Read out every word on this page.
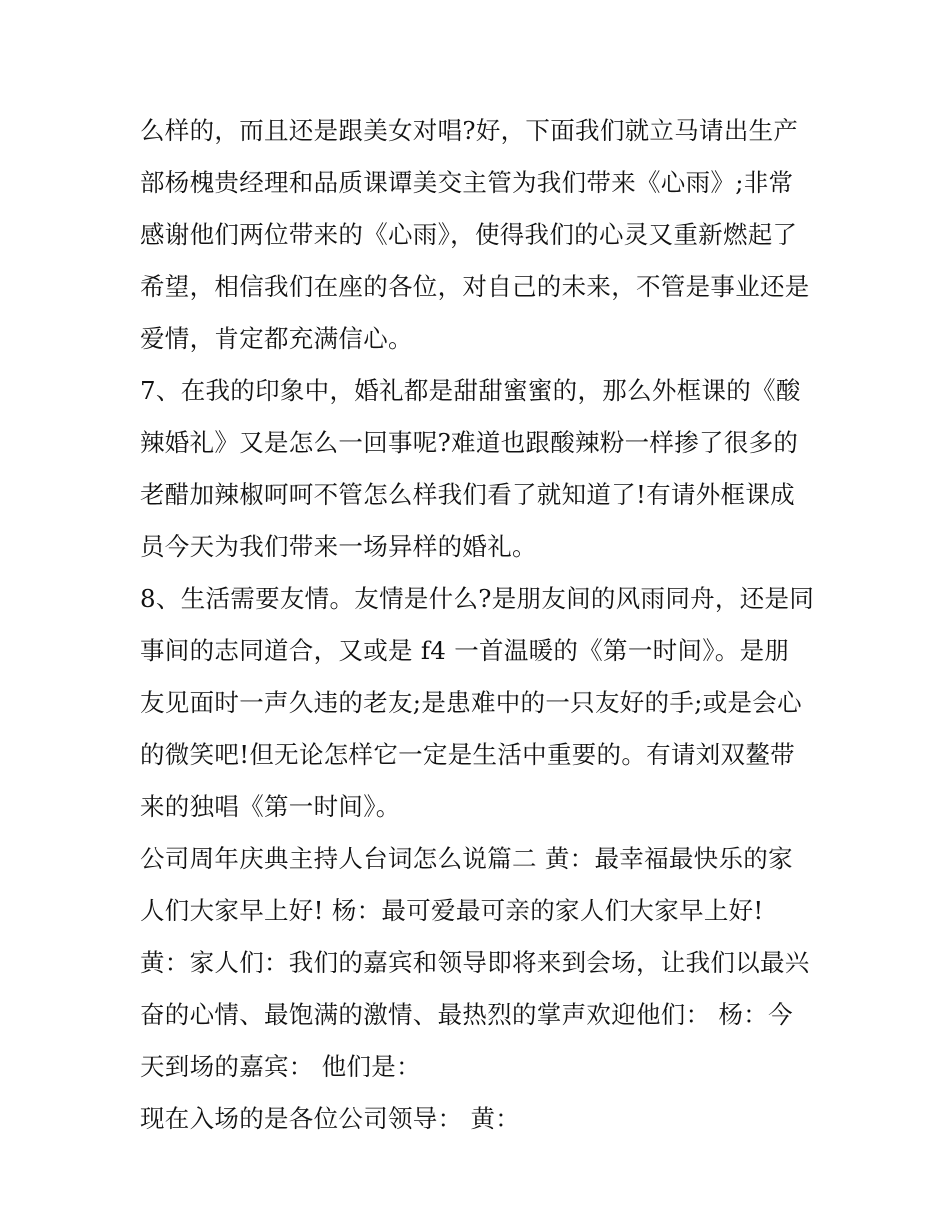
么样的，而且还是跟美女对唱?好，下面我们就立马请出生产
部杨槐贵经理和品质课谭美交主管为我们带来《心雨》;非常
感谢他们两位带来的《心雨》，使得我们的心灵又重新燃起了
希望，相信我们在座的各位，对自己的未来，不管是事业还是
爱情，肯定都充满信心。
7、在我的印象中，婚礼都是甜甜蜜蜜的，那么外框课的《酸
辣婚礼》又是怎么一回事呢?难道也跟酸辣粉一样掺了很多的
老醋加辣椒呵呵不管怎么样我们看了就知道了!有请外框课成
员今天为我们带来一场异样的婚礼。
8、生活需要友情。友情是什么?是朋友间的风雨同舟，还是同
事间的志同道合，又或是 f4 一首温暖的《第一时间》。是朋
友见面时一声久违的老友;是患难中的一只友好的手;或是会心
的微笑吧!但无论怎样它一定是生活中重要的。有请刘双鳌带
来的独唱《第一时间》。
公司周年庆典主持人台词怎么说篇二 黄：最幸福最快乐的家
人们大家早上好! 杨：最可爱最可亲的家人们大家早上好!
黄：家人们：我们的嘉宾和领导即将来到会场，让我们以最兴
奋的心情、最饱满的激情、最热烈的掌声欢迎他们： 杨：今
天到场的嘉宾： 他们是：
现在入场的是各位公司领导： 黄：
